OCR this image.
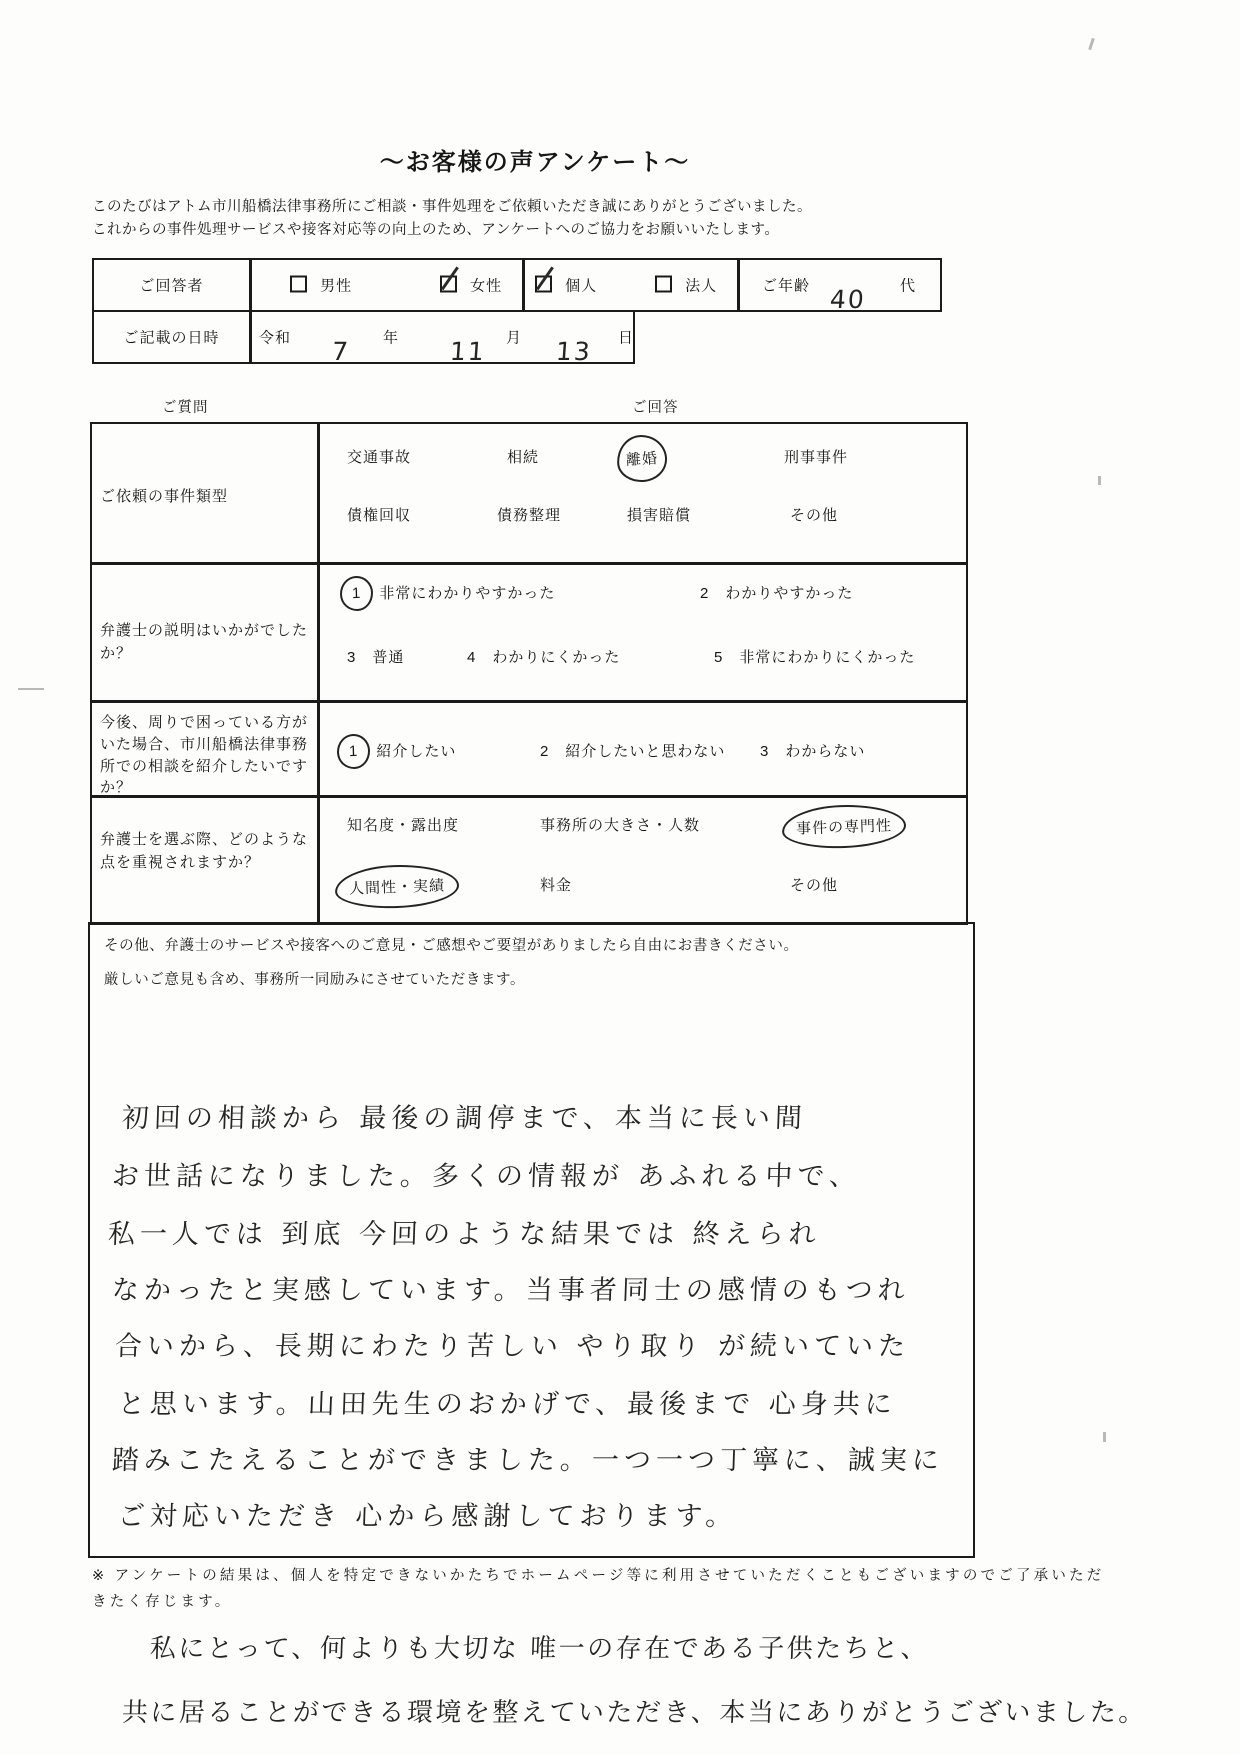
～お客様の声アンケート～
このたびはアトム市川船橋法律事務所にご相談・事件処理をご依頼いただき誠にありがとうございました。
これからの事件処理サービスや接客対応等の向上のため、アンケートへのご協力をお願いいたします。
ご回答者	男性	女性	個人	法人	ご年齢 40 代
ご記載の日時	令和 7 年 11 月 13 日
ご質問	ご回答
ご依頼の事件類型
交通事故	相続	離婚	刑事事件
債権回収	債務整理	損害賠償	その他
弁護士の説明はいかがでしたか？
1 非常にわかりやすかった	2 わかりやすかった
3 普通	4 わかりにくかった	5 非常にわかりにくかった
今後、周りで困っている方がいた場合、市川船橋法律事務所での相談を紹介したいですか？
1 紹介したい	2 紹介したいと思わない 3 わからない
弁護士を選ぶ際、どのような点を重視されますか？
知名度・露出度	事務所の大きさ・人数	事件の専門性
人間性・実績	料金	その他
その他、弁護士のサービスや接客へのご意見・ご感想やご要望がありましたら自由にお書きください。
厳しいご意見も含め、事務所一同励みにさせていただきます。
初回の相談から 最後の調停まで、本当に長い間
お世話になりました。多くの情報が あふれる中で、
私一人では 到底 今回のような結果では 終えられ
なかったと実感しています。当事者同士の感情のもつれ
合いから、長期にわたり苦しい やり取り が続いていた
と思います。山田先生のおかげで、最後まで 心身共に
踏みこたえることができました。一つ一つ丁寧に、誠実に
ご対応いただき 心から感謝しております。
※ アンケートの結果は、個人を特定できないかたちでホームページ等に利用させていただくこともございますのでご了承いただ
きたく存じます。
私にとって、何よりも大切な 唯一の存在である子供たちと、
共に居ることができる環境を整えていただき、本当にありがとうございました。
